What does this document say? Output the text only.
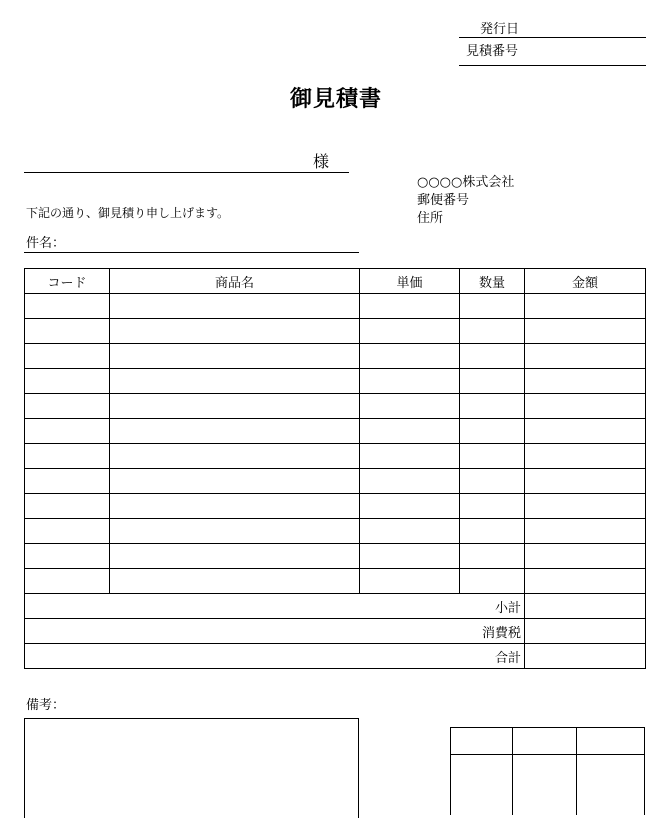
発行日
見積番号
御見積書
様
下記の通り、御見積り申し上げます。
件名：
○○○○株式会社
郵便番号
住所
コード	商品名	単価	数量	金額

小計				
消費税				
合計				
備考：
